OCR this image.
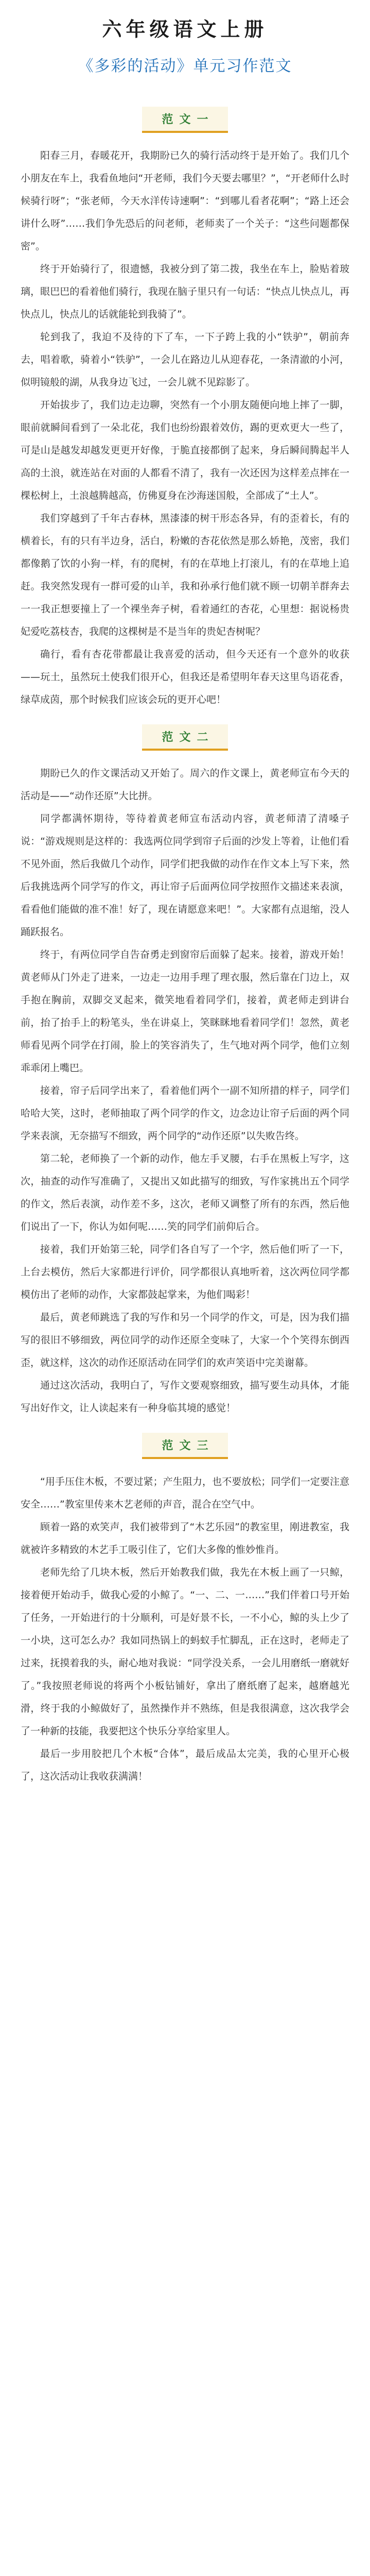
六年级语文上册
《多彩的活动》单元习作范文
范文一

阳春三月，春暖花开，我期盼已久的骑行活动终于是开始了。我们几个小朋友在车上，我看鱼地问“开老师，我们今天要去哪里？”，“开老师什么时候骑行呀”；“张老师，今天水洋传诗速啊”：“到哪儿看者花啊”；“路上还会讲什么呀”……我们争先恐后的问老师，老师卖了一个关子：“这些问题都保密”。

终于开始骑行了，很遗憾，我被分到了第二拨，我坐在车上，脸贴着玻璃，眼巴巴的看着他们骑行，我现在脑子里只有一句话：“快点儿快点儿，再快点儿，快点儿的话就能轮到我骑了”。

轮到我了，我迫不及待的下了车，一下子跨上我的小“铁驴”，朝前奔去，唱着歌，骑着小“铁驴”，一会儿在路边儿从迎春花，一条清澈的小河，似明镜般的湖，从我身边飞过，一会儿就不见踪影了。

开始拔步了，我们边走边聊，突然有一个小朋友随便向地上摔了一脚，眼前就瞬间看到了一朵北花，我们也纷纷跟着效仿，踢的更欢更大一些了，可是山是越发却越发更更开好像，于脆直接都倒了起来，身后瞬间腾起半人高的土浪，就连站在对面的人都看不清了，我有一次还因为这样差点摔在一棵松树上，土浪越腾越高，仿佛夏身在沙海迷国般，全部成了“土人”。

我们穿越到了千年古春林，黑漆漆的树干形态各异，有的歪着长，有的横着长，有的只有半边身，活白，粉嫩的杏花依然是那么娇艳，茂密，我们都像鹅了饮的小狗一样，有的爬树，有的在草地上打滚儿，有的在草地上追赶。我突然发现有一群可爱的山羊，我和孙承行他们就不顾一切朝羊群奔去一一我正想要撞上了一个裸坐奔子树，看着通红的杏花，心里想：据说杨贵妃爱吃荔枝杏，我爬的这棵树是不是当年的贵妃杏树呢？

确行，看有杏花带都最让我喜爱的活动，但今天还有一个意外的收获——玩土，虽然玩土使我们很开心，但我还是希望明年春天这里鸟语花香，绿草成茵，那个时候我们应该会玩的更开心吧！

范文二

期盼已久的作文课活动又开始了。周六的作文课上，黄老师宣布今天的活动是——“动作还原”大比拼。

同学都满怀期待，等待着黄老师宣布活动内容，黄老师清了清嗓子说：“游戏规则是这样的：我选两位同学到帘子后面的沙发上等着，让他们看不见外面，然后我做几个动作，同学们把我做的动作在作文本上写下来，然后我挑选两个同学写的作文，再让帘子后面两位同学按照作文描述来表演，看看他们能做的准不准！好了，现在请愿意来吧！”。大家都有点退缩，没人踊跃报名。

终于，有两位同学自告奋勇走到窗帘后面躲了起来。接着，游戏开始！黄老师从门外走了进来，一边走一边用手理了理衣服，然后靠在门边上，双手抱在胸前，双脚交叉起来，微笑地看着同学们，接着，黄老师走到讲台前，抬了抬手上的粉笔头，坐在讲桌上，笑眯眯地看着同学们！忽然，黄老师看见两个同学在打闹，脸上的笑容消失了，生气地对两个同学，他们立刻乖乖闭上嘴巴。

接着，帘子后同学出来了，看着他们两个一副不知所措的样子，同学们哈哈大笑，这时，老师抽取了两个同学的作文，边念边让帘子后面的两个同学来表演，无奈描写不细致，两个同学的“动作还原”以失败告终。

第二轮，老师换了一个新的动作，他左手叉腰，右手在黑板上写字，这次，抽查的动作写准确了，又提出又如此描写的细致，写作家挑出五个同学的作文，然后表演，动作差不多，这次，老师又调整了所有的东西，然后他们说出了一下，你认为如何呢……笑的同学们前仰后合。

接着，我们开始第三轮，同学们各自写了一个字，然后他们听了一下，上台去模仿，然后大家都进行评价，同学都很认真地听着，这次两位同学都模仿出了老师的动作，大家都鼓起掌来，为他们喝彩！

最后，黄老师跳选了我的写作和另一个同学的作文，可是，因为我们描写的很旧不够细致，两位同学的动作还原全变味了，大家一个个笑得东倒西歪，就这样，这次的动作还原活动在同学们的欢声笑语中完美谢幕。

通过这次活动，我明白了，写作文要观察细致，描写要生动具体，才能写出好作文，让人读起来有一种身临其境的感觉！

范文三

“用手压住木板，不要过紧；产生阻力，也不要放松；同学们一定要注意安全……”教室里传来木艺老师的声音，混合在空气中。

顾着一路的欢笑声，我们被带到了“木艺乐园”的教室里，刚进教室，我就被许多精致的木艺手工吸引住了，它们大多像的惟妙惟肖。

老师先给了几块木板，然后开始教我们做，我先在木板上画了一只鲸，接着便开始动手，做我心爱的小鲸了。“一、二、一……”我们伴着口号开始了任务，一开始进行的十分顺利，可是好景不长，一不小心，鲸的头上少了一小块，这可怎么办？我如同热锅上的蚂蚁手忙脚乱，正在这时，老师走了过来，抚摸着我的头，耐心地对我说：“同学没关系，一会儿用磨纸一磨就好了。”我按照老师说的将两个小板钻铺好，拿出了磨纸磨了起来，越磨越光滑，终于我的小鲸做好了，虽然操作并不熟练，但是我很满意，这次我学会了一种新的技能，我要把这个快乐分享给家里人。

最后一步用胶把几个木板“合体”，最后成品太完美，我的心里开心极了，这次活动让我收获满满！
